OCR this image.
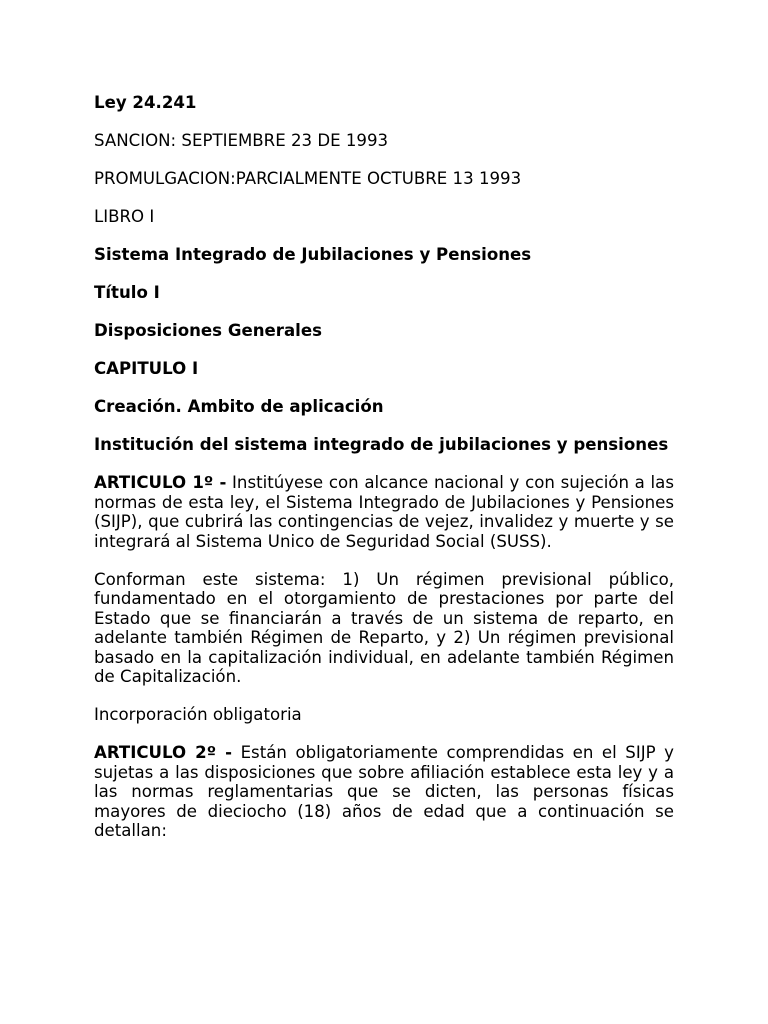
Ley 24.241

SANCION: SEPTIEMBRE 23 DE 1993

PROMULGACION:PARCIALMENTE OCTUBRE 13 1993

LIBRO I

Sistema Integrado de Jubilaciones y Pensiones

Título I

Disposiciones Generales

CAPITULO I

Creación. Ambito de aplicación

Institución del sistema integrado de jubilaciones y pensiones

ARTICULO 1º - Institúyese con alcance nacional y con sujeción a las normas de esta ley, el Sistema Integrado de Jubilaciones y Pensiones (SIJP), que cubrirá las contingencias de vejez, invalidez y muerte y se integrará al Sistema Unico de Seguridad Social (SUSS).

Conforman este sistema: 1) Un régimen previsional público, fundamentado en el otorgamiento de prestaciones por parte del Estado que se financiarán a través de un sistema de reparto, en adelante también Régimen de Reparto, y 2) Un régimen previsional basado en la capitalización individual, en adelante también Régimen de Capitalización.

Incorporación obligatoria

ARTICULO 2º - Están obligatoriamente comprendidas en el SIJP y sujetas a las disposiciones que sobre afiliación establece esta ley y a las normas reglamentarias que se dicten, las personas físicas mayores de dieciocho (18) años de edad que a continuación se detallan:
